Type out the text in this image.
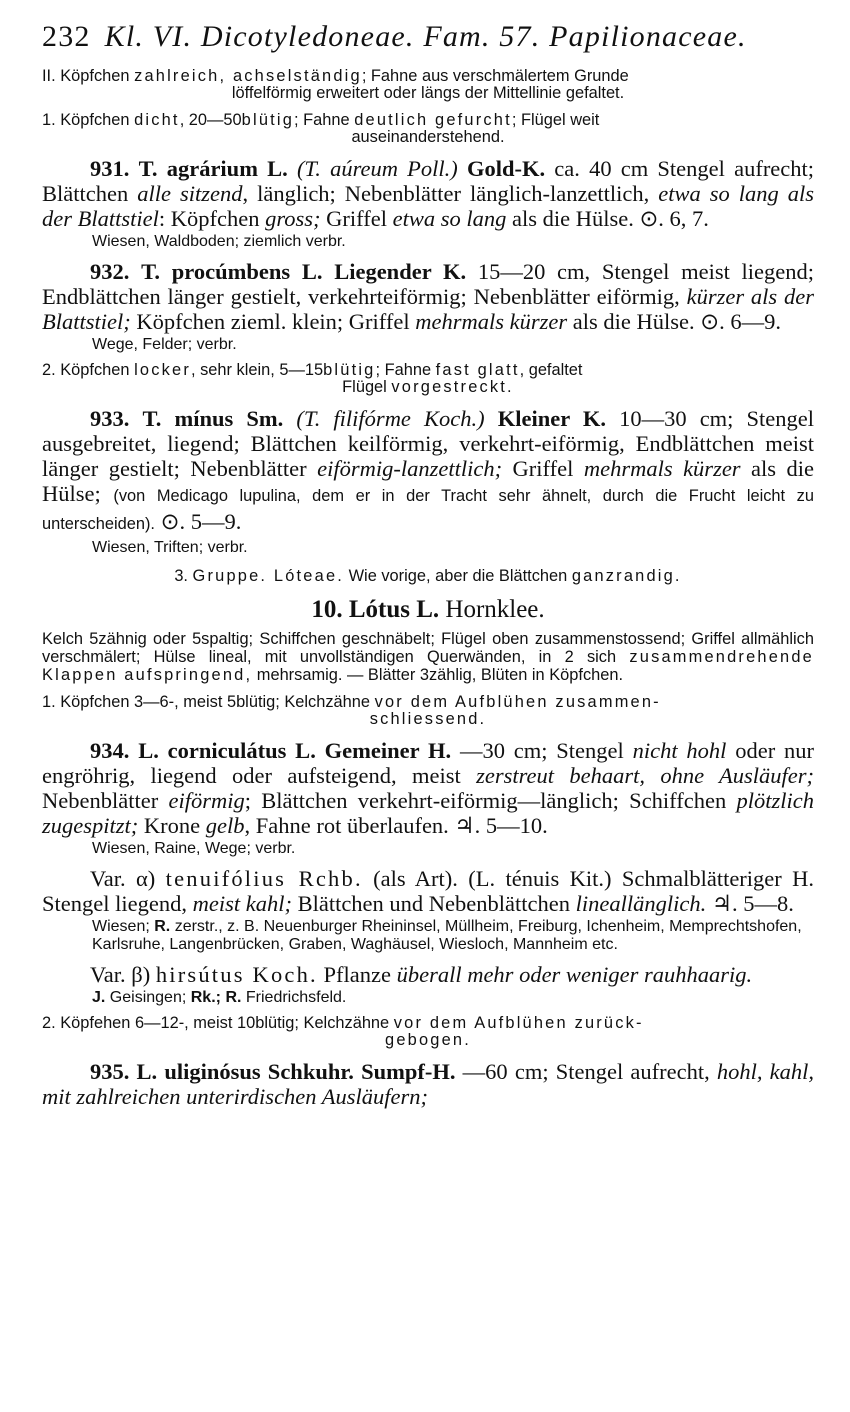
232 Kl. VI. Dicotyledoneae. Fam. 57. Papilionaceae.
II. Köpfchen zahlreich, achselständig; Fahne aus verschmälertem Grunde
löffelförmig erweitert oder längs der Mittellinie gefaltet.
1. Köpfchen dicht, 20—50blütig; Fahne deutlich gefurcht; Flügel weit
auseinanderstehend.

931. T. agrárium L. (T. aúreum Poll.) Gold-K. ca. 40 cm Stengel aufrecht; Blättchen alle sitzend, länglich; Nebenblätter länglich-lanzettlich, etwa so lang als der Blattstiel: Köpfchen gross; Griffel etwa so lang als die Hülse. ⊙. 6, 7.

Wiesen, Waldboden; ziemlich verbr.

932. T. procúmbens L. Liegender K. 15—20 cm, Stengel meist liegend; Endblättchen länger gestielt, verkehrteiförmig; Nebenblätter eiförmig, kürzer als der Blattstiel; Köpfchen zieml. klein; Griffel mehrmals kürzer als die Hülse. ⊙. 6—9.

Wege, Felder; verbr.
2. Köpfchen locker, sehr klein, 5—15blütig; Fahne fast glatt, gefaltet
Flügel vorgestreckt.

933. T. mínus Sm. (T. filifórme Koch.) Kleiner K. 10—30 cm; Stengel ausgebreitet, liegend; Blättchen keilförmig, verkehrt-eiförmig, Endblättchen meist länger gestielt; Nebenblätter eiförmig-lanzettlich; Griffel mehrmals kürzer als die Hülse; (von Medicago lupulina, dem er in der Tracht sehr ähnelt, durch die Frucht leicht zu unterscheiden). ⊙. 5—9.

Wiesen, Triften; verbr.
3. Gruppe. Lóteae. Wie vorige, aber die Blättchen ganzrandig.
10. Lótus L. Hornklee.
Kelch 5zähnig oder 5spaltig; Schiffchen geschnäbelt; Flügel oben zusammenstossend; Griffel allmählich verschmälert; Hülse lineal, mit unvollständigen Querwänden, in 2 sich zusammendrehende Klappen aufspringend, mehrsamig. — Blätter 3zählig, Blüten in Köpfchen.
1. Köpfchen 3—6-, meist 5blütig; Kelchzähne vor dem Aufblühen zusammen-
schliessend.

934. L. corniculátus L. Gemeiner H. —30 cm; Stengel nicht hohl oder nur engröhrig, liegend oder aufsteigend, meist zerstreut behaart, ohne Ausläufer; Nebenblätter eiförmig; Blättchen verkehrt-eiförmig—länglich; Schiffchen plötzlich zugespitzt; Krone gelb, Fahne rot überlaufen. ♃. 5—10.

Wiesen, Raine, Wege; verbr.

Var. α) tenuifólius Rchb. (als Art). (L. ténuis Kit.) Schmalblätteriger H. Stengel liegend, meist kahl; Blättchen und Nebenblättchen lineallänglich. ♃. 5—8.

Wiesen; R. zerstr., z. B. Neuenburger Rheininsel, Müllheim, Freiburg, Ichenheim, Memprechtshofen, Karlsruhe, Langenbrücken, Graben, Waghäusel, Wiesloch, Mannheim etc.

Var. β) hirsútus Koch. Pflanze überall mehr oder weniger rauhhaarig.

J. Geisingen; Rk.; R. Friedrichsfeld.
2. Köpfehen 6—12-, meist 10blütig; Kelchzähne vor dem Aufblühen zurück-
gebogen.

935. L. uliginósus Schkuhr. Sumpf-H. —60 cm; Stengel aufrecht, hohl, kahl, mit zahlreichen unterirdischen Ausläufern;
